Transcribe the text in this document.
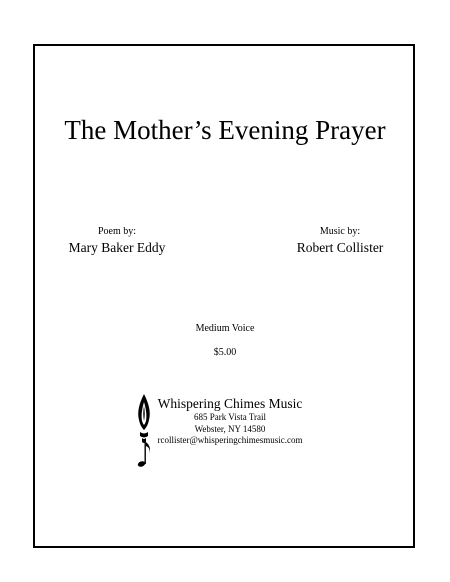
The Mother’s Evening Prayer
Poem by:
Mary Baker Eddy
Music by:
Robert Collister
Medium Voice
$5.00
Whispering Chimes Music
685 Park Vista Trail
Webster, NY 14580
rcollister@whisperingchimesmusic.com
